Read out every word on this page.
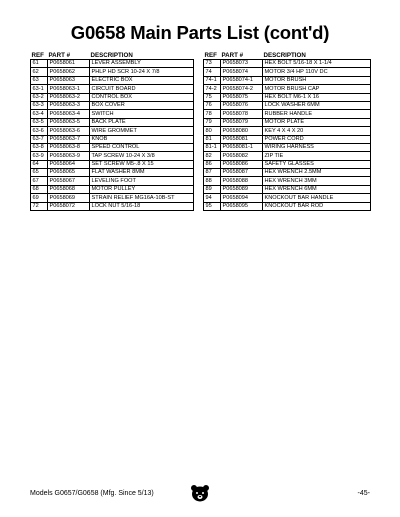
G0658 Main Parts List (cont'd)
REF	PART #	DESCRIPTION
61	P0658061	LEVER ASSEMBLY
62	P0658062	PHLP HD SCR 10-24 X 7/8
63	P0658063	ELECTRIC BOX
63-1	P0658063-1	CIRCUIT BOARD
63-2	P0658063-2	CONTROL BOX
63-3	P0658063-3	BOX COVER
63-4	P0658063-4	SWITCH
63-5	P0658063-5	BACK PLATE
63-6	P0658063-6	WIRE GROMMET
63-7	P0658063-7	KNOB
63-8	P0658063-8	SPEED CONTROL
63-9	P0658063-9	TAP SCREW 10-24 X 3/8
64	P0658064	SET SCREW M5-.8 X 15
65	P0658065	FLAT WASHER 8MM
67	P0658067	LEVELING FOOT
68	P0658068	MOTOR PULLEY
69	P0658069	STRAIN RELIEF MG16A-10B-ST
72	P0658072	LOCK NUT 5/16-18
REF	PART #	DESCRIPTION
73	P0658073	HEX BOLT 5/16-18 X 1-1/4
74	P0658074	MOTOR 3/4 HP 110V DC
74-1	P0658074-1	MOTOR BRUSH
74-2	P0658074-2	MOTOR BRUSH CAP
75	P0658075	HEX BOLT M6-1 X 16
76	P0658076	LOCK WASHER 6MM
78	P0658078	RUBBER HANDLE
79	P0658079	MOTOR PLATE
80	P0658080	KEY 4 X 4 X 20
81	P0658081	POWER CORD
81-1	P0658081-1	WIRING HARNESS
82	P0658082	ZIP TIE
86	P0658086	SAFETY GLASSES
87	P0658087	HEX WRENCH 2.5MM
88	P0658088	HEX WRENCH 3MM
89	P0658089	HEX WRENCH 6MM
94	P0658094	KNOCKOUT BAR HANDLE
95	P0658095	KNOCKOUT BAR ROD
Models G0657/G0658 (Mfg. Since 5/13)	-45-
